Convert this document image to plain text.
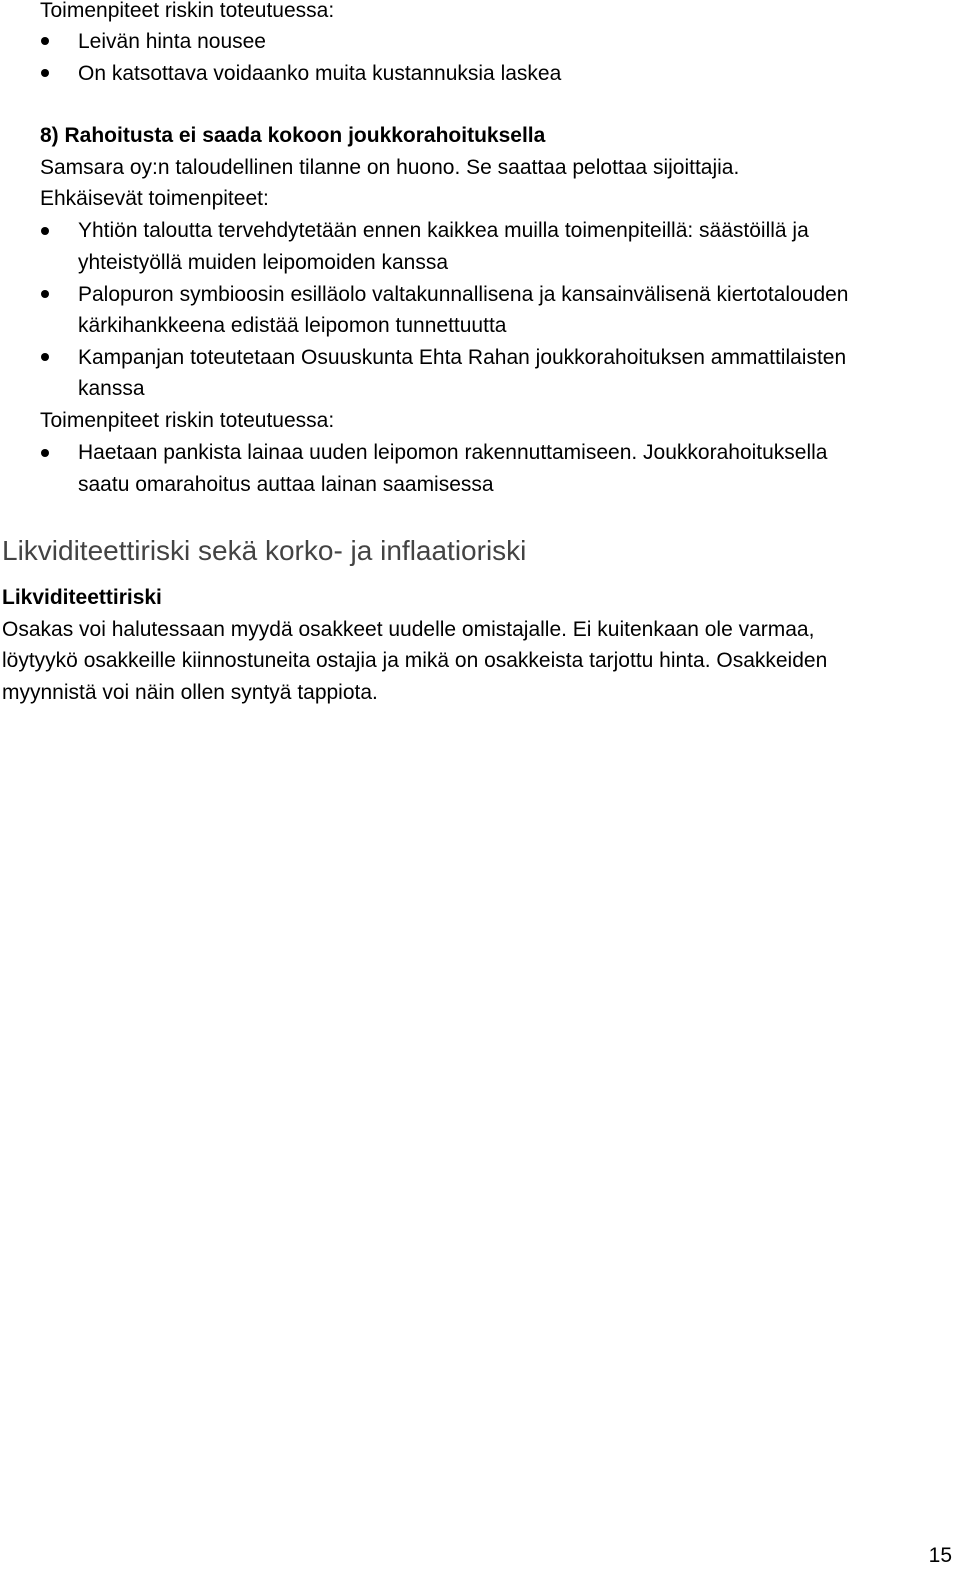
Toimenpiteet riskin toteutuessa:
Leivän hinta nousee
On katsottava voidaanko muita kustannuksia laskea
8) Rahoitusta ei saada kokoon joukkorahoituksella
Samsara oy:n taloudellinen tilanne on huono. Se saattaa pelottaa sijoittajia.
Ehkäisevät toimenpiteet:
Yhtiön taloutta tervehdytetään ennen kaikkea muilla toimenpiteillä: säästöillä ja
yhteistyöllä muiden leipomoiden kanssa
Palopuron symbioosin esilläolo valtakunnallisena ja kansainvälisenä kiertotalouden
kärkihankkeena edistää leipomon tunnettuutta
Kampanjan toteutetaan Osuuskunta Ehta Rahan joukkorahoituksen ammattilaisten
kanssa
Toimenpiteet riskin toteutuessa:
Haetaan pankista lainaa uuden leipomon rakennuttamiseen. Joukkorahoituksella
saatu omarahoitus auttaa lainan saamisessa
Likviditeettiriski sekä korko- ja inflaatioriski
Likviditeettiriski
Osakas voi halutessaan myydä osakkeet uudelle omistajalle. Ei kuitenkaan ole varmaa,
löytyykö osakkeille kiinnostuneita ostajia ja mikä on osakkeista tarjottu hinta. Osakkeiden
myynnistä voi näin ollen syntyä tappiota.
15
